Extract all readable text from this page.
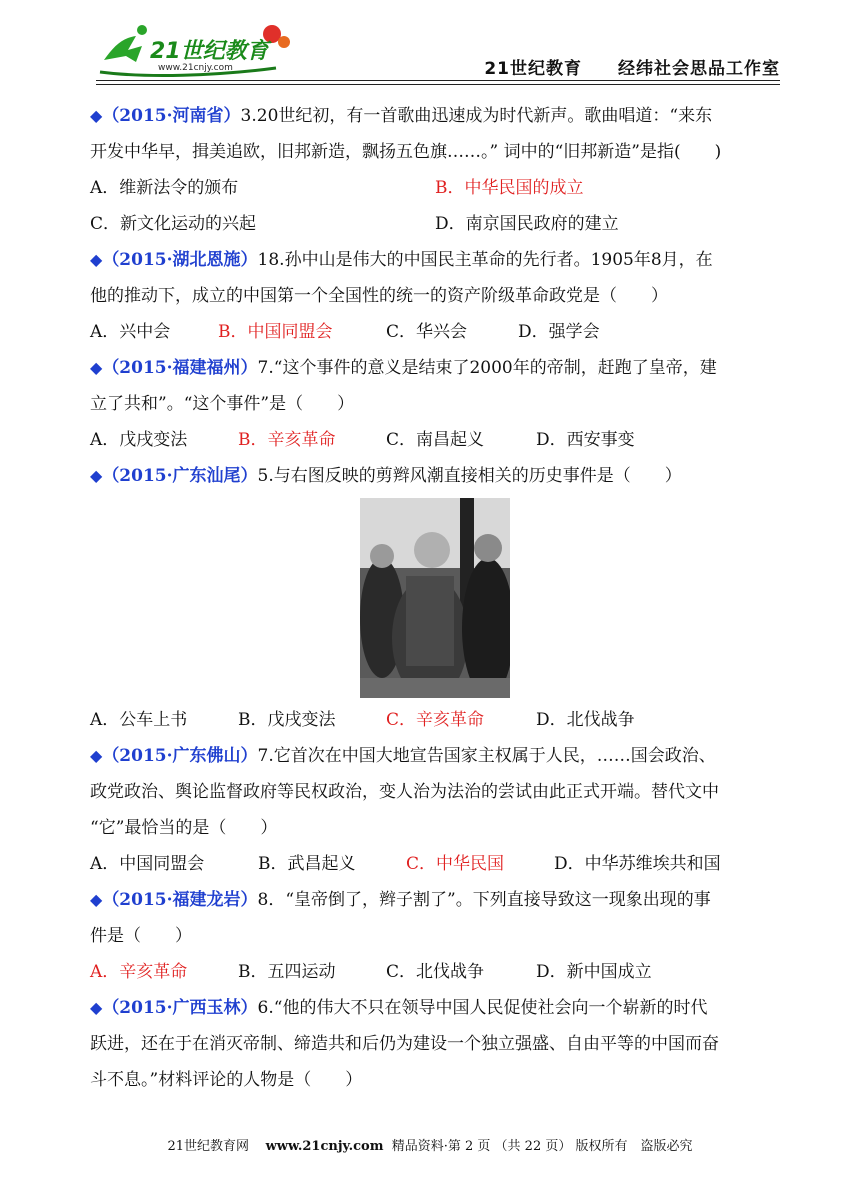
21世纪教育
www.21cnjy.com	21世纪教育 经纬社会思品工作室
◆（2015·河南省）3.20世纪初，有一首歌曲迅速成为时代新声。歌曲唱道：“来东
开发中华早，揖美追欧，旧邦新造，飘扬五色旗……。” 词中的“旧邦新造”是指(　　)
A．维新法令的颁布	B．中华民国的成立
C．新文化运动的兴起	D．南京国民政府的建立
◆（2015·湖北恩施）18.孙中山是伟大的中国民主革命的先行者。1905年8月，在
他的推动下，成立的中国第一个全国性的统一的资产阶级革命政党是（　　）
A．兴中会	B．中国同盟会	C．华兴会	D．强学会
◆（2015·福建福州）7.“这个事件的意义是结束了2000年的帝制，赶跑了皇帝，建
立了共和”。“这个事件”是（　　）
A．戊戌变法	B．辛亥革命	C．南昌起义	D．西安事变
◆（2015·广东汕尾）5.与右图反映的剪辫风潮直接相关的历史事件是（　　）
A．公车上书	B．戊戌变法	C．辛亥革命	D．北伐战争
◆（2015·广东佛山）7.它首次在中国大地宣告国家主权属于人民，……国会政治、
政党政治、舆论监督政府等民权政治，变人治为法治的尝试由此正式开端。替代文中
“它”最恰当的是（　　）
A．中国同盟会	B．武昌起义	C．中华民国	D．中华苏维埃共和国
◆（2015·福建龙岩）8．“皇帝倒了，辫子割了”。下列直接导致这一现象出现的事
件是（　　）
A．辛亥革命	B．五四运动	C．北伐战争	D．新中国成立
◆（2015·广西玉林）6.“他的伟大不只在领导中国人民促使社会向一个崭新的时代
跃进，还在于在消灭帝制、缔造共和后仍为建设一个独立强盛、自由平等的中国而奋
斗不息。”材料评论的人物是（　　）
21世纪教育网 www.21cnjy.com 精品资料·第 2 页 （共 22 页） 版权所有　盗版必究
